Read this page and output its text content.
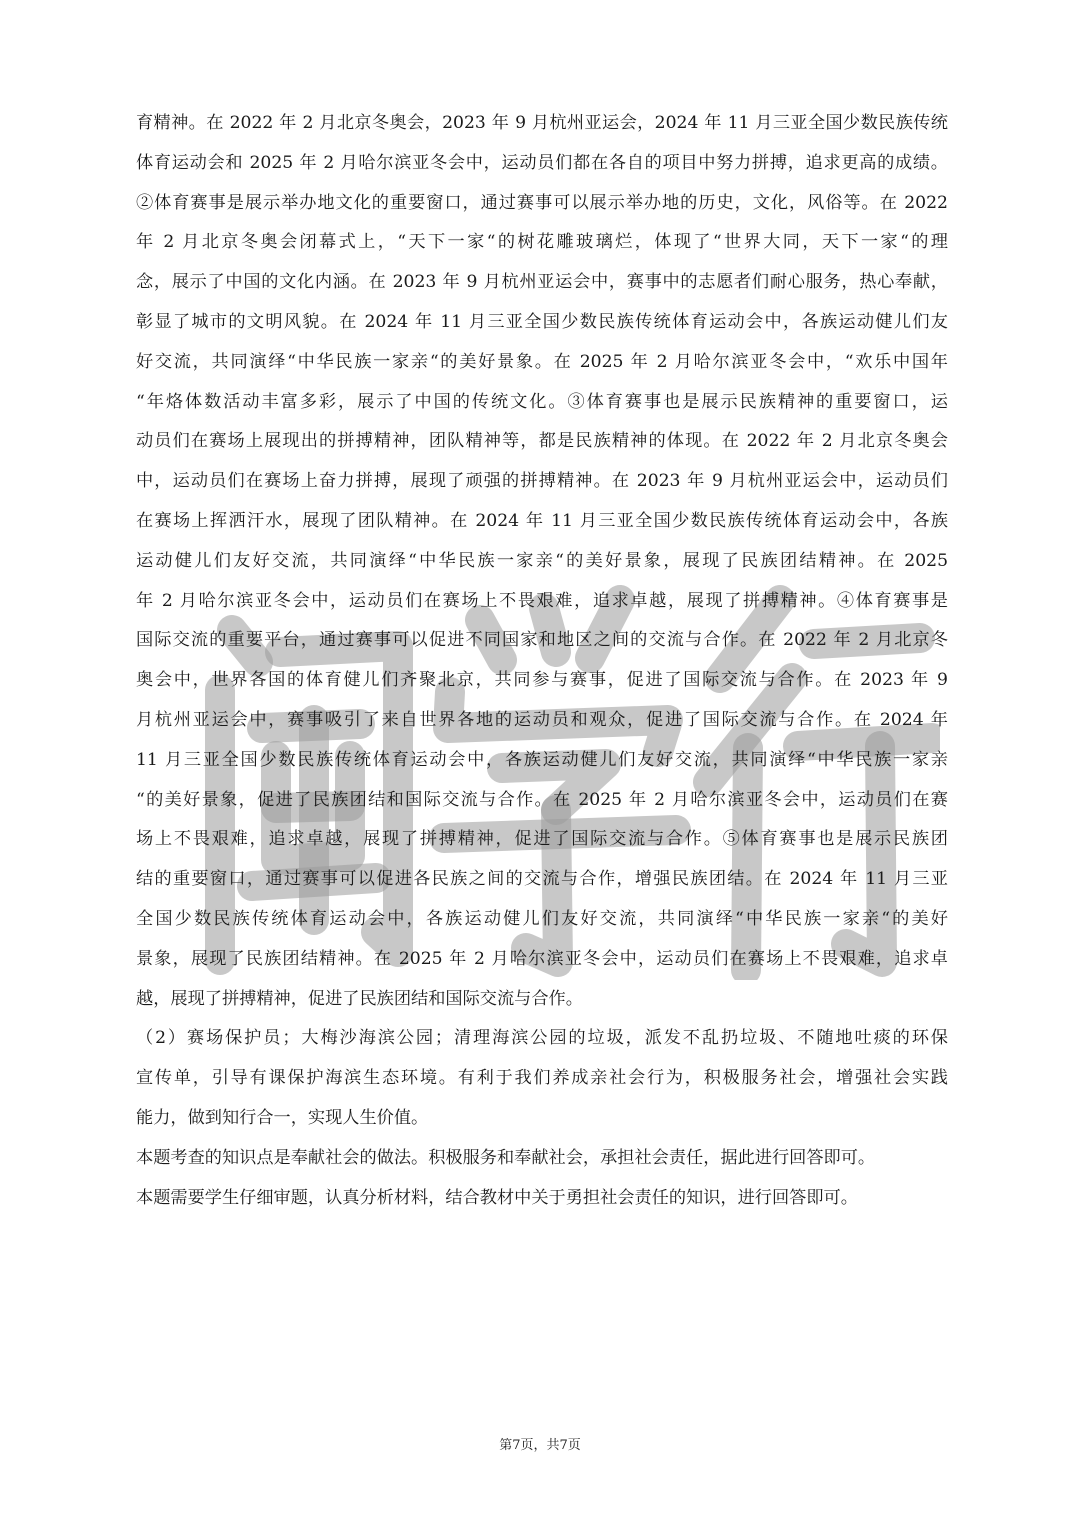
育精神。在 2022 年 2 月北京冬奥会，2023 年 9 月杭州亚运会，2024 年 11 月三亚全国少数民族传统
体育运动会和 2025 年 2 月哈尔滨亚冬会中，运动员们都在各自的项目中努力拼搏，追求更高的成绩。
②体育赛事是展示举办地文化的重要窗口，通过赛事可以展示举办地的历史，文化，风俗等。在 2022
年 2 月北京冬奥会闭幕式上，“天下一家“的树花雕玻璃烂，体现了“世界大同，天下一家“的理
念，展示了中国的文化内涵。在 2023 年 9 月杭州亚运会中，赛事中的志愿者们耐心服务，热心奉献，
彰显了城市的文明风貌。在 2024 年 11 月三亚全国少数民族传统体育运动会中，各族运动健儿们友
好交流，共同演绎“中华民族一家亲“的美好景象。在 2025 年 2 月哈尔滨亚冬会中，“欢乐中国年
“年烙体数活动丰富多彩，展示了中国的传统文化。③体育赛事也是展示民族精神的重要窗口，运
动员们在赛场上展现出的拼搏精神，团队精神等，都是民族精神的体现。在 2022 年 2 月北京冬奥会
中，运动员们在赛场上奋力拼搏，展现了顽强的拼搏精神。在 2023 年 9 月杭州亚运会中，运动员们
在赛场上挥洒汗水，展现了团队精神。在 2024 年 11 月三亚全国少数民族传统体育运动会中，各族
运动健儿们友好交流，共同演绎“中华民族一家亲“的美好景象，展现了民族团结精神。在 2025
年 2 月哈尔滨亚冬会中，运动员们在赛场上不畏艰难，追求卓越，展现了拼搏精神。④体育赛事是
国际交流的重要平台，通过赛事可以促进不同国家和地区之间的交流与合作。在 2022 年 2 月北京冬
奥会中，世界各国的体育健儿们齐聚北京，共同参与赛事，促进了国际交流与合作。在 2023 年 9
月杭州亚运会中，赛事吸引了来自世界各地的运动员和观众，促进了国际交流与合作。在 2024 年
11 月三亚全国少数民族传统体育运动会中，各族运动健儿们友好交流，共同演绎“中华民族一家亲
“的美好景象，促进了民族团结和国际交流与合作。在 2025 年 2 月哈尔滨亚冬会中，运动员们在赛
场上不畏艰难，追求卓越，展现了拼搏精神，促进了国际交流与合作。⑤体育赛事也是展示民族团
结的重要窗口，通过赛事可以促进各民族之间的交流与合作，增强民族团结。在 2024 年 11 月三亚
全国少数民族传统体育运动会中，各族运动健儿们友好交流，共同演绎“中华民族一家亲“的美好
景象，展现了民族团结精神。在 2025 年 2 月哈尔滨亚冬会中，运动员们在赛场上不畏艰难，追求卓
越，展现了拼搏精神，促进了民族团结和国际交流与合作。
（2）赛场保护员；大梅沙海滨公园；清理海滨公园的垃圾，派发不乱扔垃圾、不随地吐痰的环保
宣传单，引导有课保护海滨生态环境。有利于我们养成亲社会行为，积极服务社会，增强社会实践
能力，做到知行合一，实现人生价值。
本题考查的知识点是奉献社会的做法。积极服务和奉献社会，承担社会责任，据此进行回答即可。
本题需要学生仔细审题，认真分析材料，结合教材中关于勇担社会责任的知识，进行回答即可。
第7页，共7页
